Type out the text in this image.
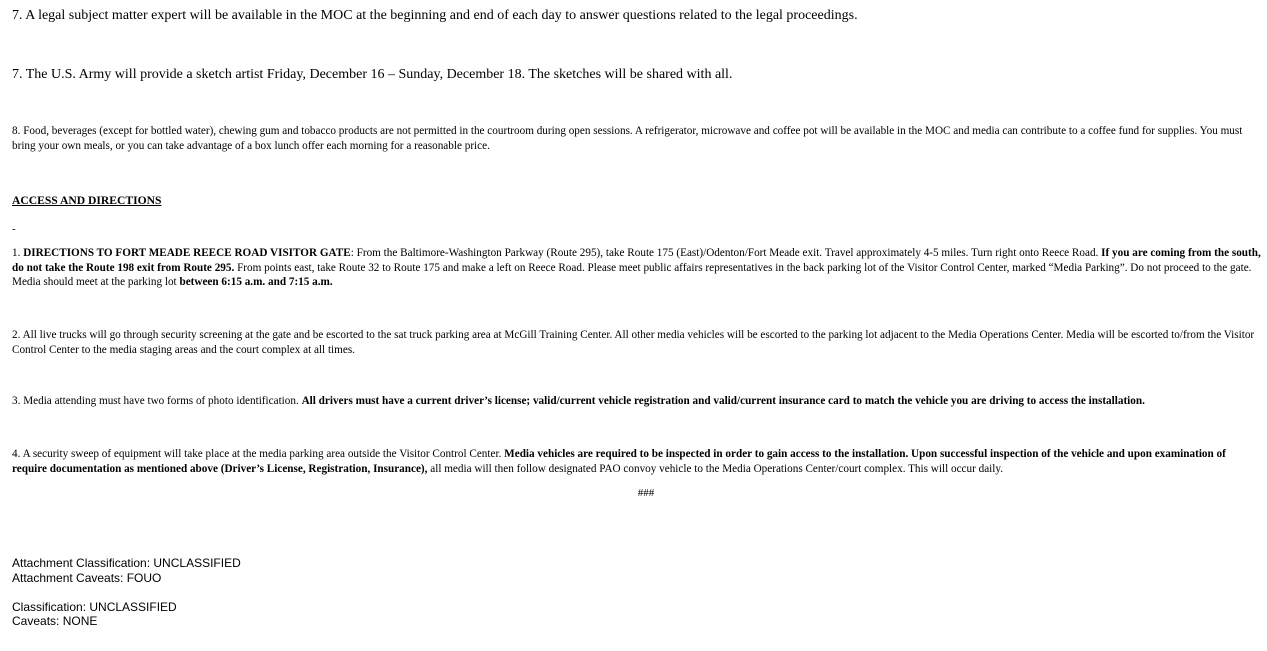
7. A legal subject matter expert will be available in the MOC at the beginning and end of each day to answer questions related to the legal proceedings.

7. The U.S. Army will provide a sketch artist Friday, December 16 – Sunday, December 18. The sketches will be shared with all.

8. Food, beverages (except for bottled water), chewing gum and tobacco products are not permitted in the courtroom during open sessions. A refrigerator, microwave and coffee pot will be available in the MOC and media can contribute to a coffee fund for supplies. You must bring your own meals, or you can take advantage of a box lunch offer each morning for a reasonable price.

ACCESS AND DIRECTIONS
-

1. DIRECTIONS TO FORT MEADE REECE ROAD VISITOR GATE: From the Baltimore-Washington Parkway (Route 295), take Route 175 (East)/Odenton/Fort Meade exit. Travel approximately 4-5 miles. Turn right onto Reece Road. If you are coming from the south, do not take the Route 198 exit from Route 295. From points east, take Route 32 to Route 175 and make a left on Reece Road. Please meet public affairs representatives in the back parking lot of the Visitor Control Center, marked “Media Parking”. Do not proceed to the gate. Media should meet at the parking lot between 6:15 a.m. and 7:15 a.m.

2. All live trucks will go through security screening at the gate and be escorted to the sat truck parking area at McGill Training Center. All other media vehicles will be escorted to the parking lot adjacent to the Media Operations Center. Media will be escorted to/from the Visitor Control Center to the media staging areas and the court complex at all times.

3. Media attending must have two forms of photo identification. All drivers must have a current driver’s license; valid/current vehicle registration and valid/current insurance card to match the vehicle you are driving to access the installation.

4. A security sweep of equipment will take place at the media parking area outside the Visitor Control Center. Media vehicles are required to be inspected in order to gain access to the installation. Upon successful inspection of the vehicle and upon examination of require documentation as mentioned above (Driver’s License, Registration, Insurance), all media will then follow designated PAO convoy vehicle to the Media Operations Center/court complex. This will occur daily.

###
Attachment Classification: UNCLASSIFIED
Attachment Caveats: FOUO
Classification: UNCLASSIFIED
Caveats: NONE
